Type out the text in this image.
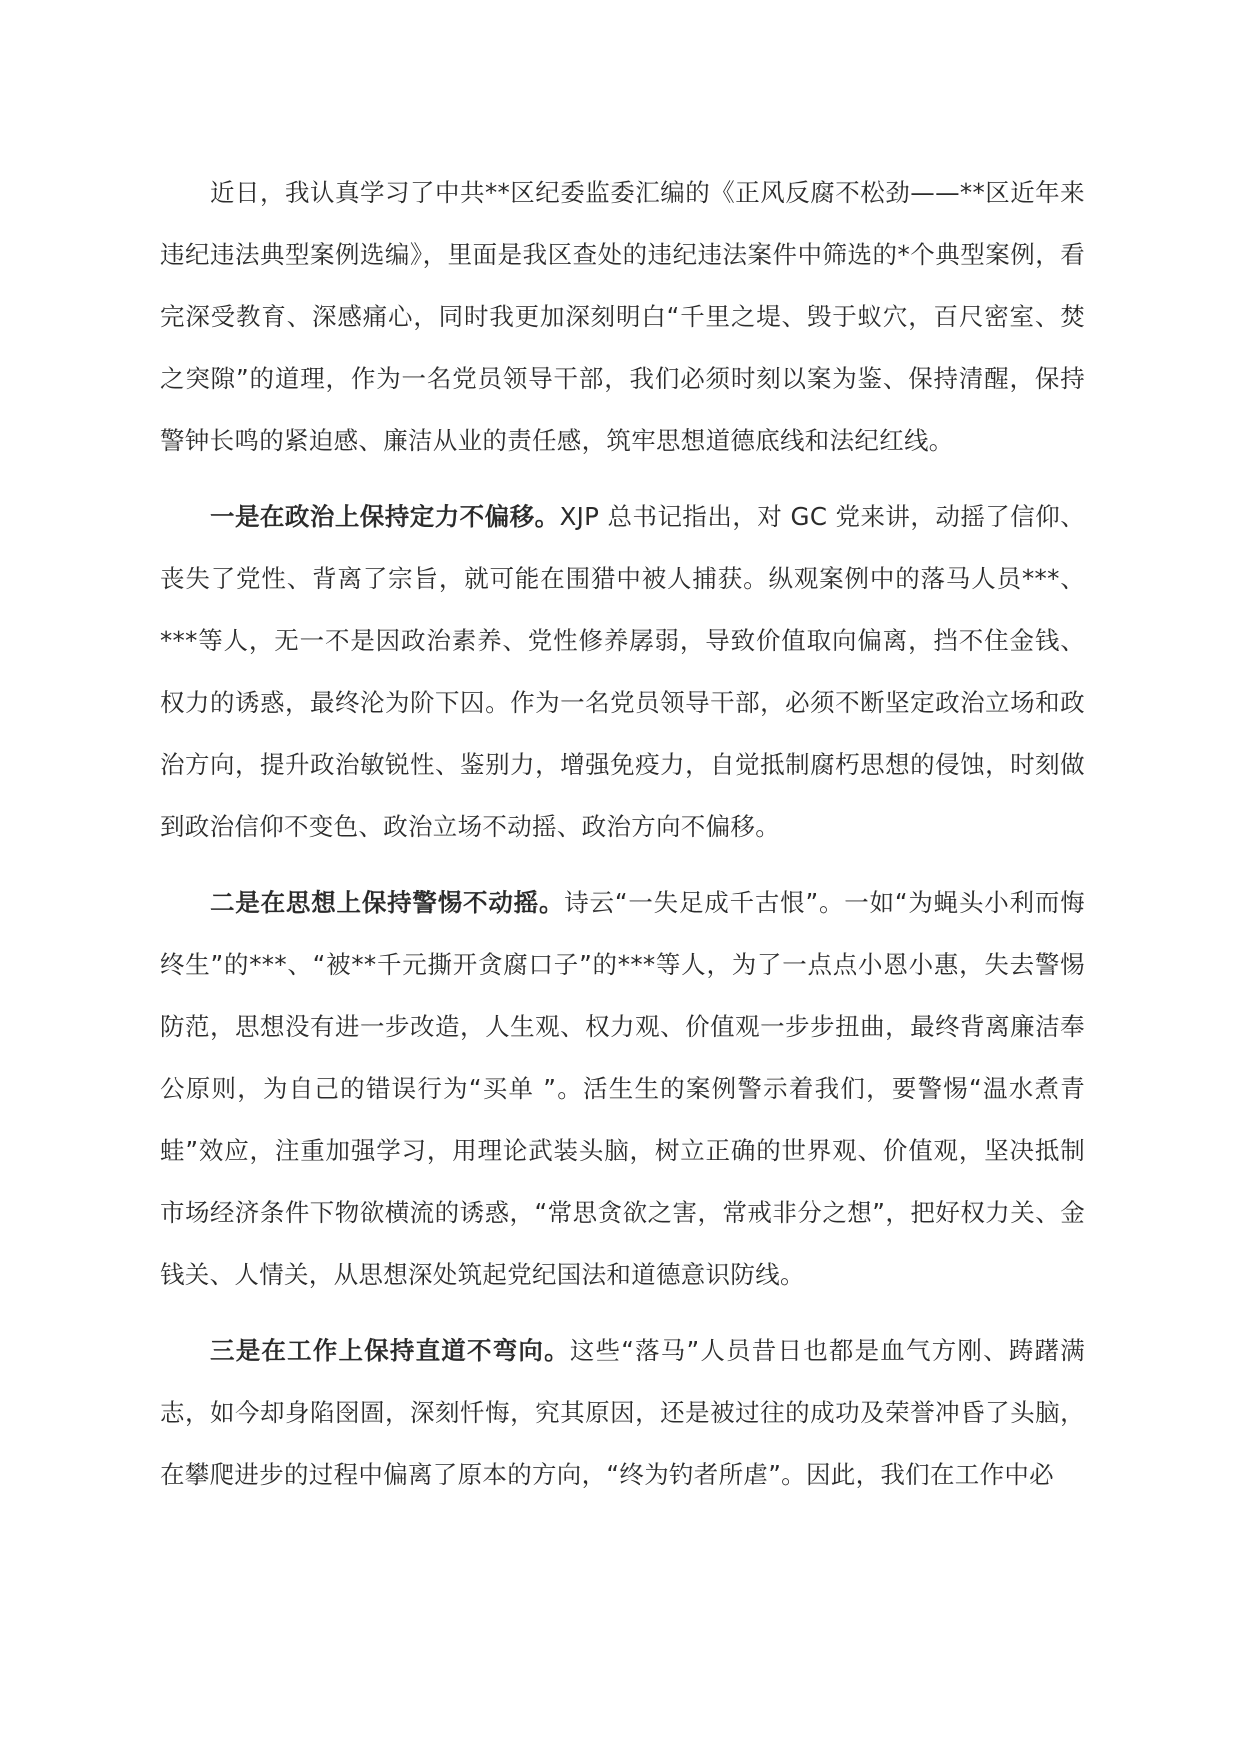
近日，我认真学习了中共**区纪委监委汇编的《正风反腐不松劲——**区近年来违纪违法典型案例选编》，里面是我区查处的违纪违法案件中筛选的*个典型案例，看完深受教育、深感痛心，同时我更加深刻明白“千里之堤、毁于蚁穴，百尺密室、焚之突隙”的道理，作为一名党员领导干部，我们必须时刻以案为鉴、保持清醒，保持警钟长鸣的紧迫感、廉洁从业的责任感，筑牢思想道德底线和法纪红线。

一是在政治上保持定力不偏移。XJP 总书记指出，对 GC 党来讲，动摇了信仰、丧失了党性、背离了宗旨，就可能在围猎中被人捕获。纵观案例中的落马人员***、***等人，无一不是因政治素养、党性修养孱弱，导致价值取向偏离，挡不住金钱、权力的诱惑，最终沦为阶下囚。作为一名党员领导干部，必须不断坚定政治立场和政治方向，提升政治敏锐性、鉴别力，增强免疫力，自觉抵制腐朽思想的侵蚀，时刻做到政治信仰不变色、政治立场不动摇、政治方向不偏移。

二是在思想上保持警惕不动摇。诗云“一失足成千古恨”。一如“为蝇头小利而悔终生”的***、“被**千元撕开贪腐口子”的***等人，为了一点点小恩小惠，失去警惕防范，思想没有进一步改造，人生观、权力观、价值观一步步扭曲，最终背离廉洁奉公原则，为自己的错误行为“买单 ”。活生生的案例警示着我们，要警惕“温水煮青蛙”效应，注重加强学习，用理论武装头脑，树立正确的世界观、价值观，坚决抵制市场经济条件下物欲横流的诱惑，“常思贪欲之害，常戒非分之想”，把好权力关、金钱关、人情关，从思想深处筑起党纪国法和道德意识防线。

三是在工作上保持直道不弯向。这些“落马”人员昔日也都是血气方刚、踌躇满志，如今却身陷囹圄，深刻忏悔，究其原因，还是被过往的成功及荣誉冲昏了头脑，在攀爬进步的过程中偏离了原本的方向，“终为钓者所虐”。因此，我们在工作中必
